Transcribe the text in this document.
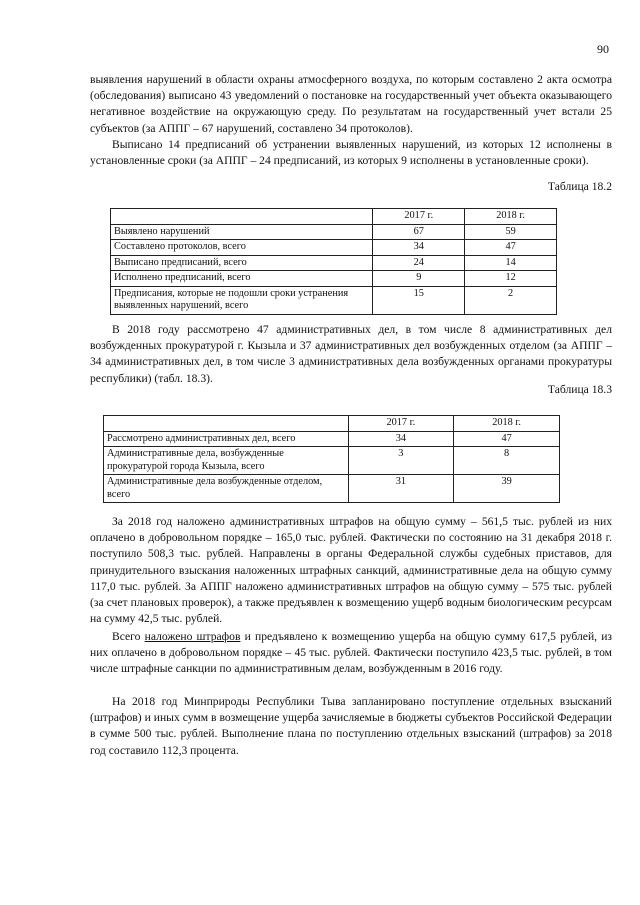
90

выявления нарушений в области охраны атмосферного воздуха, по которым составлено 2 акта осмотра (обследования) выписано 43 уведомлений о постановке на государственный учет объекта оказывающего негативное воздействие на окружающую среду. По результатам на государственный учет встали 25 субъектов (за АППГ – 67 нарушений, составлено 34 протоколов).

Выписано 14 предписаний об устранении выявленных нарушений, из которых 12 исполнены в установленные сроки (за АППГ – 24 предписаний, из которых 9 исполнены в установленные сроки).

Таблица 18.2
	2017 г.	2018 г.
Выявлено нарушений	67	59
Составлено протоколов, всего	34	47
Выписано предписаний, всего	24	14
Исполнено предписаний, всего	9	12
Предписания, которые не подошли сроки устранения выявленных нарушений, всего	15	2

В 2018 году рассмотрено 47 административных дел, в том числе 8 административных дел возбужденных прокуратурой г. Кызыла и 37 административных дел возбужденных отделом (за АППГ – 34 административных дел, в том числе 3 административных дела возбужденных органами прокуратуры республики) (табл. 18.3).

Таблица 18.3
	2017 г.	2018 г.
Рассмотрено административных дел, всего	34	47
Административные дела, возбужденные прокуратурой города Кызыла, всего	3	8
Административные дела возбужденные отделом, всего	31	39

За 2018 год наложено административных штрафов на общую сумму – 561,5 тыс. рублей из них оплачено в добровольном порядке – 165,0 тыс. рублей. Фактически по состоянию на 31 декабря 2018 г. поступило 508,3 тыс. рублей. Направлены в органы Федеральной службы судебных приставов, для принудительного взыскания наложенных штрафных санкций, административные дела на общую сумму 117,0 тыс. рублей. За АППГ наложено административных штрафов на общую сумму – 575 тыс. рублей (за счет плановых проверок), а также предъявлен к возмещению ущерб водным биологическим ресурсам на сумму 42,5 тыс. рублей.

Всего наложено штрафов и предъявлено к возмещению ущерба на общую сумму 617,5 рублей, из них оплачено в добровольном порядке – 45 тыс. рублей. Фактически поступило 423,5 тыс. рублей, в том числе штрафные санкции по административным делам, возбужденным в 2016 году.

На 2018 год Минприроды Республики Тыва запланировано поступление отдельных взысканий (штрафов) и иных сумм в возмещение ущерба зачисляемые в бюджеты субъектов Российской Федерации в сумме 500 тыс. рублей. Выполнение плана по поступлению отдельных взысканий (штрафов) за 2018 год составило 112,3 процента.
